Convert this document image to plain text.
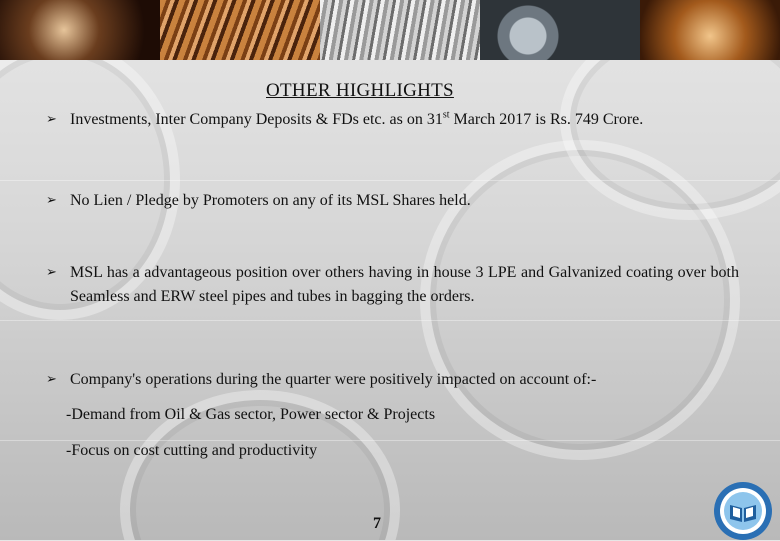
OTHER HIGHLIGHTS
➢ Investments, Inter Company Deposits & FDs etc. as on 31st March 2017 is Rs. 749 Crore.
➢ No Lien / Pledge by Promoters on any of its MSL Shares held.
➢ MSL has a advantageous position over others having in house 3 LPE and Galvanized coating over both Seamless and ERW steel pipes and tubes in bagging the orders.
➢ Company's operations during the quarter were positively impacted on account of:-
-Demand from Oil & Gas sector, Power sector & Projects
-Focus on cost cutting and productivity
7
